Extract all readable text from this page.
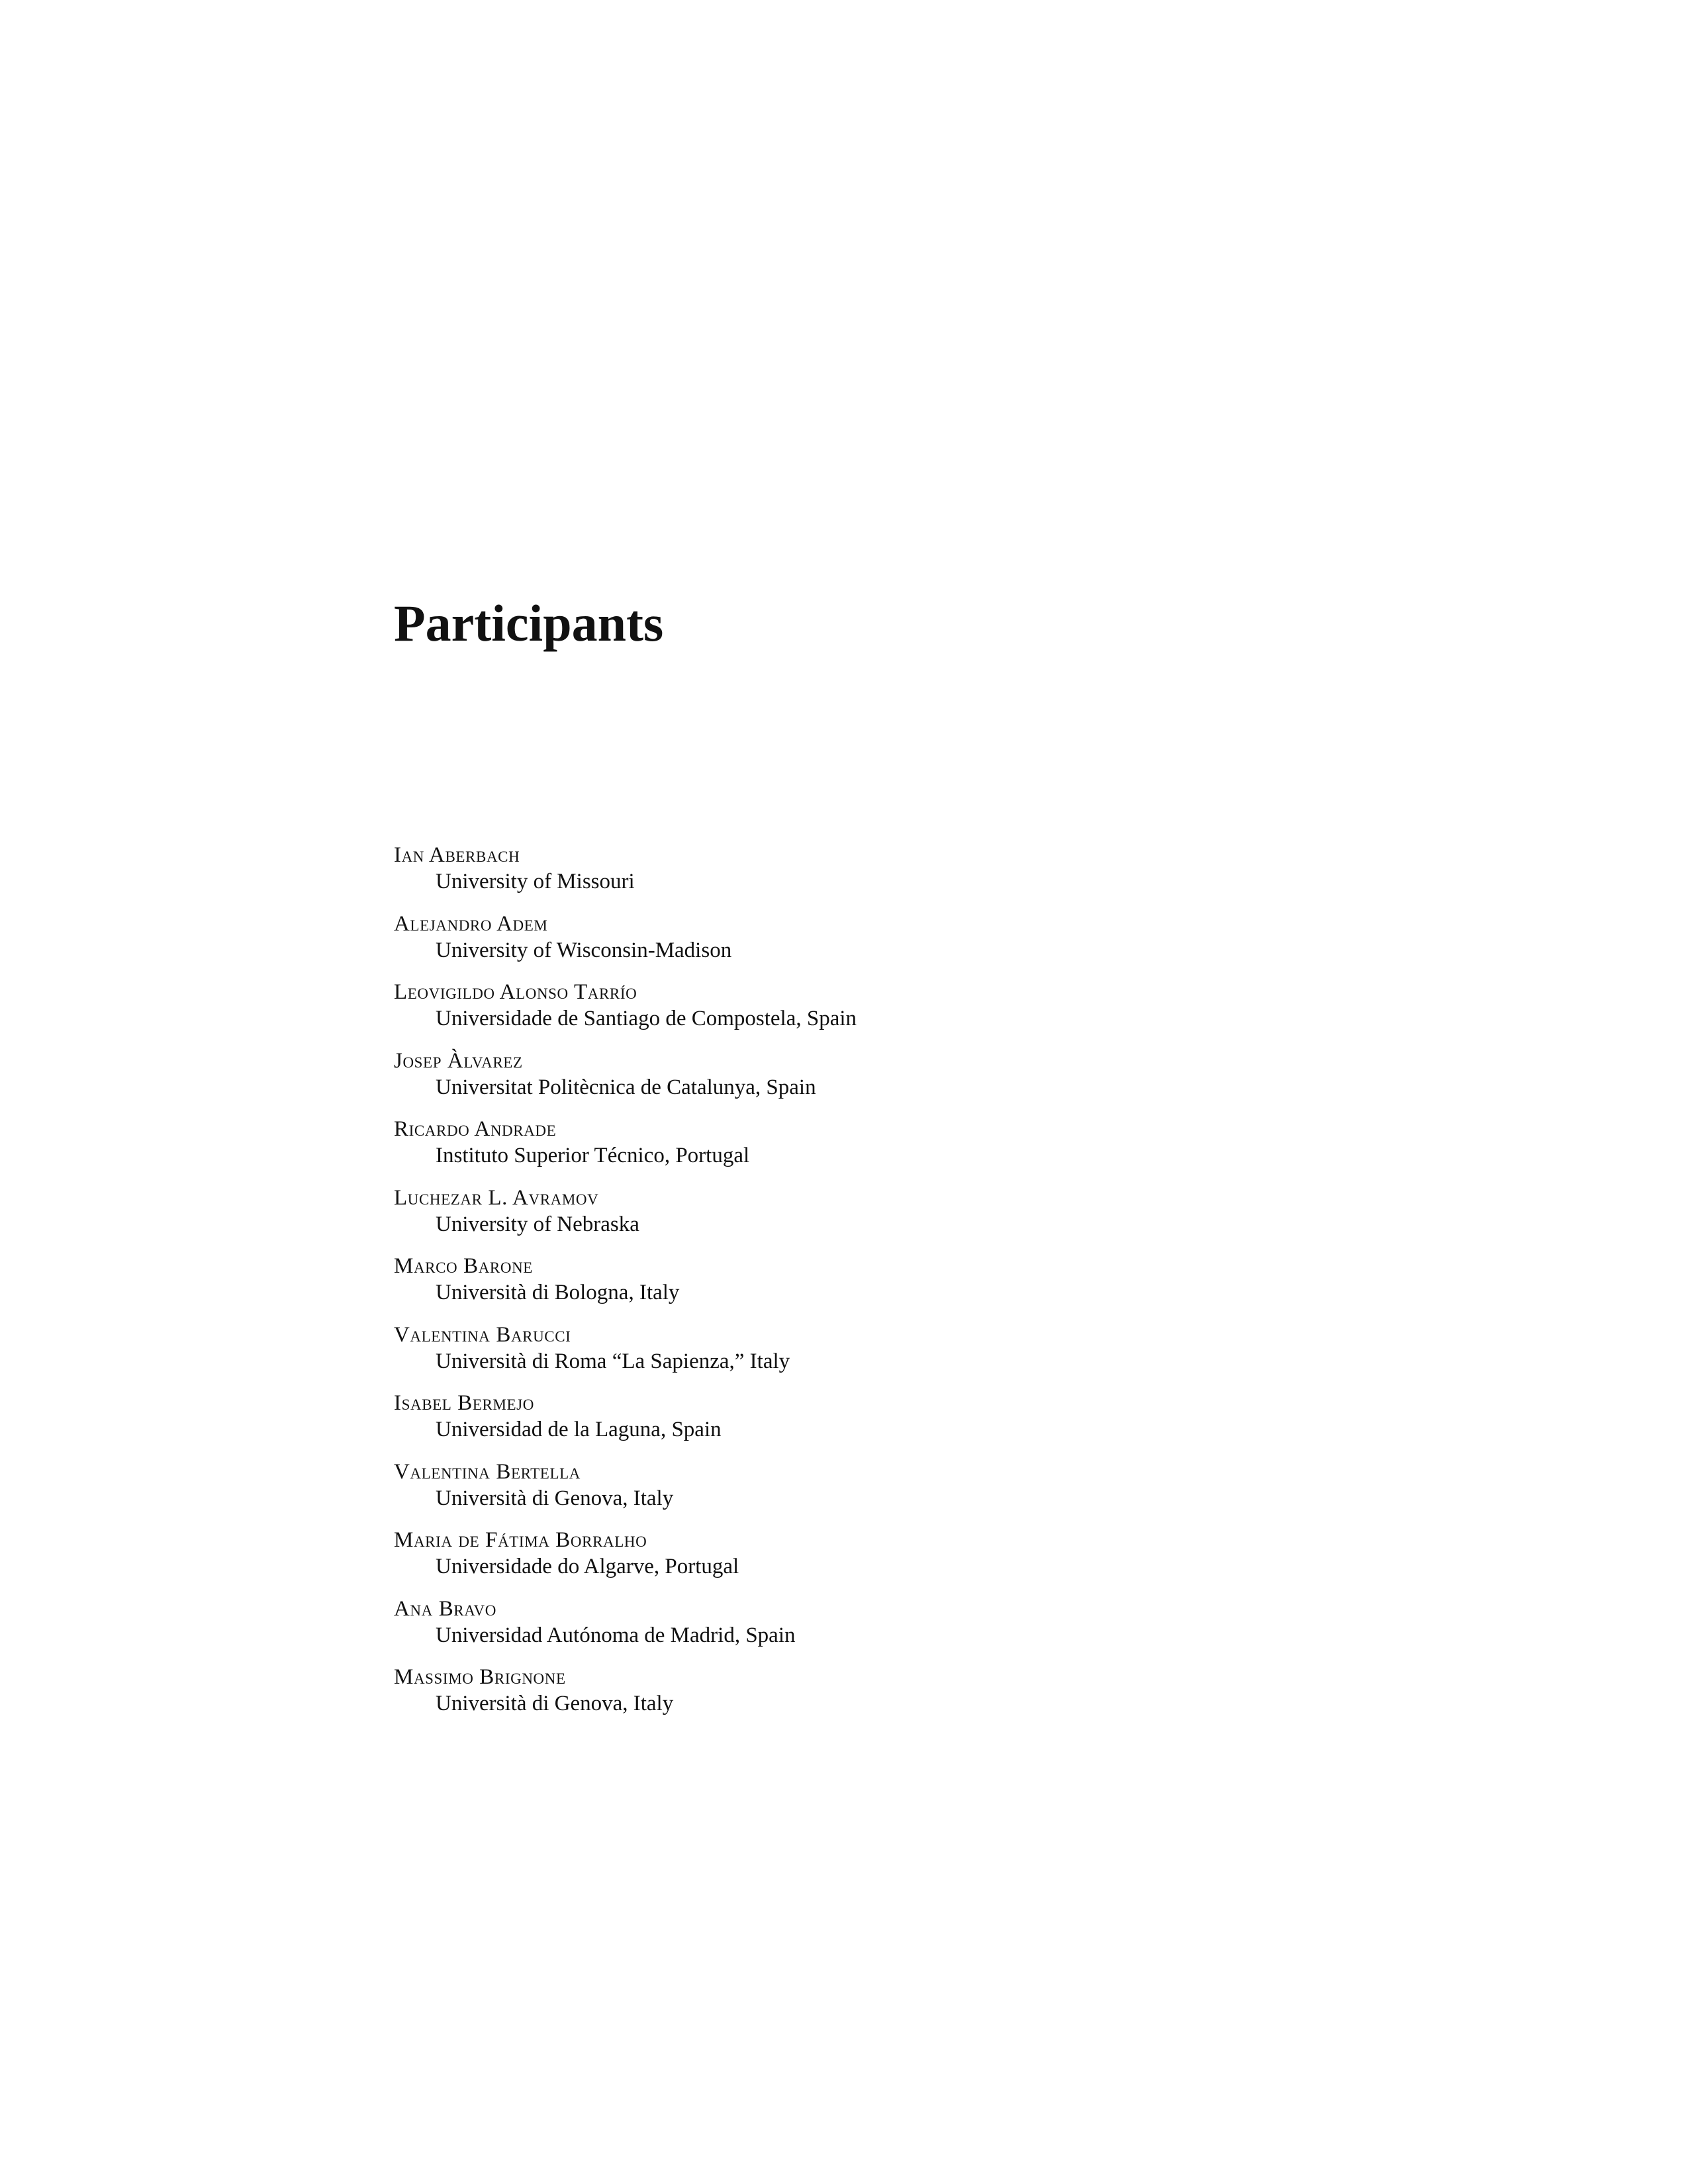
Participants
Ian Aberbach
University of Missouri
Alejandro Adem
University of Wisconsin-Madison
Leovigildo Alonso Tarrío
Universidade de Santiago de Compostela, Spain
Josep Àlvarez
Universitat Politècnica de Catalunya, Spain
Ricardo Andrade
Instituto Superior Técnico, Portugal
Luchezar L. Avramov
University of Nebraska
Marco Barone
Università di Bologna, Italy
Valentina Barucci
Università di Roma “La Sapienza,” Italy
Isabel Bermejo
Universidad de la Laguna, Spain
Valentina Bertella
Università di Genova, Italy
Maria de Fátima Borralho
Universidade do Algarve, Portugal
Ana Bravo
Universidad Autónoma de Madrid, Spain
Massimo Brignone
Università di Genova, Italy
